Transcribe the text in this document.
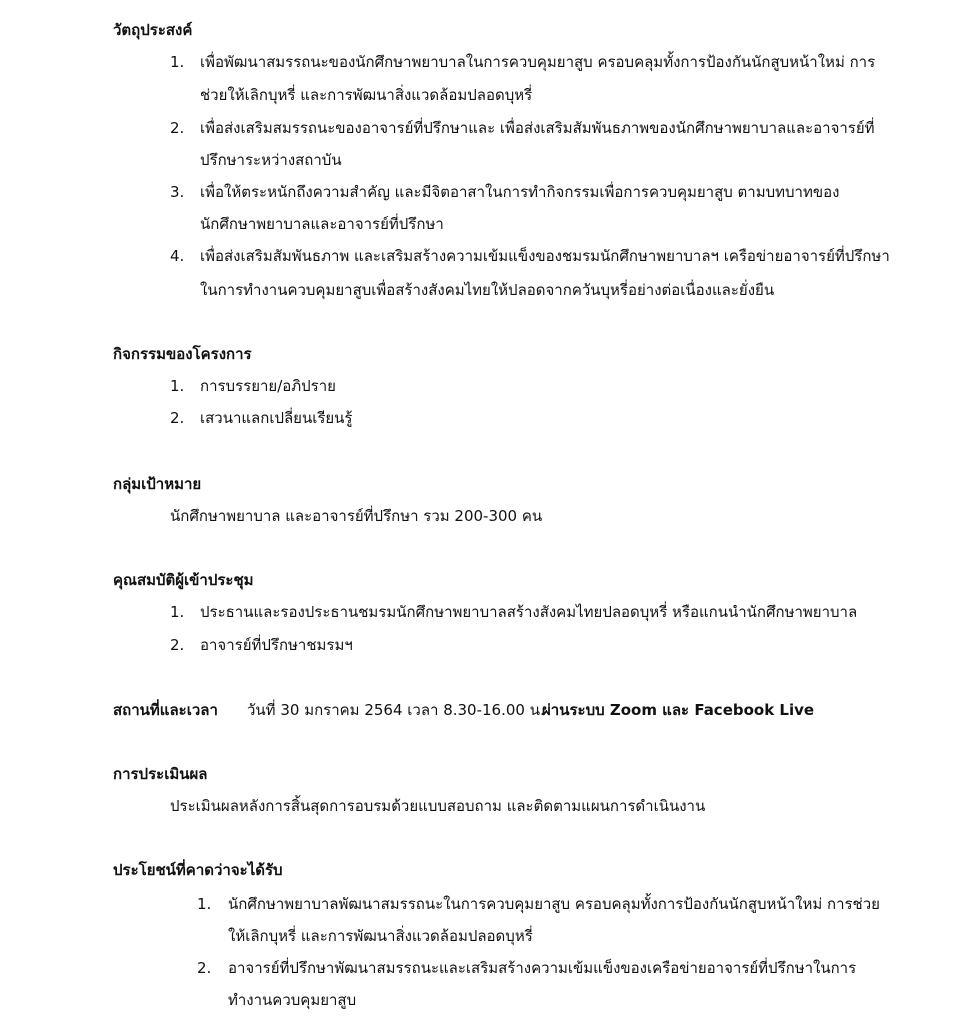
วัตถุประสงค์
1. เพื่อพัฒนาสมรรถนะของนักศึกษาพยาบาลในการควบคุมยาสูบ ครอบคลุมทั้งการป้องกันนักสูบหน้าใหม่ การ
ช่วยให้เลิกบุหรี่ และการพัฒนาสิ่งแวดล้อมปลอดบุหรี่
2. เพื่อส่งเสริมสมรรถนะของอาจารย์ที่ปรึกษาและ เพื่อส่งเสริมสัมพันธภาพของนักศึกษาพยาบาลและอาจารย์ที่
ปรึกษาระหว่างสถาบัน
3. เพื่อให้ตระหนักถึงความสำคัญ และมีจิตอาสาในการทำกิจกรรมเพื่อการควบคุมยาสูบ ตามบทบาทของ
นักศึกษาพยาบาลและอาจารย์ที่ปรึกษา
4. เพื่อส่งเสริมสัมพันธภาพ และเสริมสร้างความเข้มแข็งของชมรมนักศึกษาพยาบาลฯ เครือข่ายอาจารย์ที่ปรึกษา
ในการทำงานควบคุมยาสูบเพื่อสร้างสังคมไทยให้ปลอดจากควันบุหรี่อย่างต่อเนื่องและยั่งยืน
กิจกรรมของโครงการ
1. การบรรยาย/อภิปราย
2. เสวนาแลกเปลี่ยนเรียนรู้
กลุ่มเป้าหมาย
นักศึกษาพยาบาล และอาจารย์ที่ปรึกษา รวม 200-300 คน
คุณสมบัติผู้เข้าประชุม
1. ประธานและรองประธานชมรมนักศึกษาพยาบาลสร้างสังคมไทยปลอดบุหรี่ หรือแกนนำนักศึกษาพยาบาล
2. อาจารย์ที่ปรึกษาชมรมฯ
สถานที่และเวลา วันที่ 30 มกราคม 2564 เวลา 8.30-16.00 น.
ผ่านระบบ Zoom และ Facebook Live
การประเมินผล
ประเมินผลหลังการสิ้นสุดการอบรมด้วยแบบสอบถาม และติดตามแผนการดำเนินงาน
ประโยชน์ที่คาดว่าจะได้รับ
1. นักศึกษาพยาบาลพัฒนาสมรรถนะในการควบคุมยาสูบ ครอบคลุมทั้งการป้องกันนักสูบหน้าใหม่ การช่วย
ให้เลิกบุหรี่ และการพัฒนาสิ่งแวดล้อมปลอดบุหรี่
2. อาจารย์ที่ปรึกษาพัฒนาสมรรถนะและเสริมสร้างความเข้มแข็งของเครือข่ายอาจารย์ที่ปรึกษาในการ
ทำงานควบคุมยาสูบ
